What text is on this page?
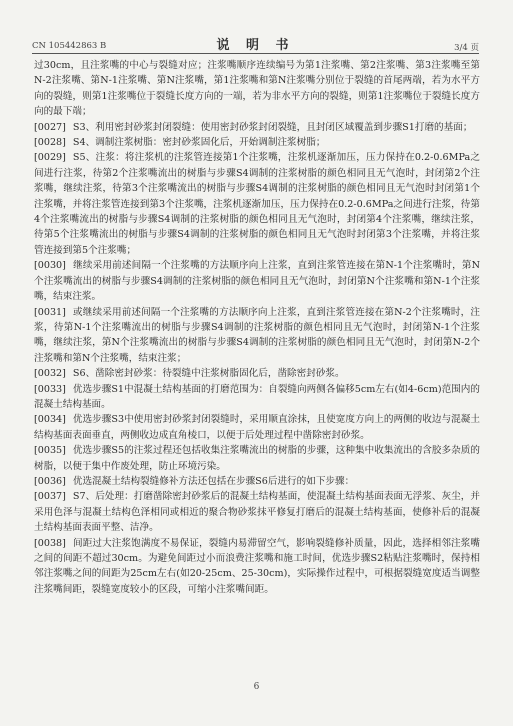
CN 105442863 B	说 明 书	3/4 页

过30cm，且注浆嘴的中心与裂缝对应；注浆嘴顺序连续编号为第1注浆嘴、第2注浆嘴、第3注浆嘴至第N-2注浆嘴、第N-1注浆嘴、第N注浆嘴，第1注浆嘴和第N注浆嘴分别位于裂缝的首尾两端，若为水平方向的裂缝，则第1注浆嘴位于裂缝长度方向的一端，若为非水平方向的裂缝，则第1注浆嘴位于裂缝长度方向的最下端；

[0027] S3、利用密封砂浆封闭裂缝：使用密封砂浆封闭裂缝，且封闭区域覆盖到步骤S1打磨的基面；

[0028] S4、调制注浆树脂：密封砂浆固化后，开始调制注浆树脂；

[0029] S5、注浆：将注浆机的注浆管连接第1个注浆嘴，注浆机逐渐加压，压力保持在0.2-0.6MPa之间进行注浆，待第2个注浆嘴流出的树脂与步骤S4调制的注浆树脂的颜色相同且无气泡时，封闭第2个注浆嘴，继续注浆，待第3个注浆嘴流出的树脂与步骤S4调制的注浆树脂的颜色相同且无气泡时封闭第1个注浆嘴，并将注浆管连接到第3个注浆嘴，注浆机逐渐加压，压力保持在0.2-0.6MPa之间进行注浆，待第4个注浆嘴流出的树脂与步骤S4调制的注浆树脂的颜色相同且无气泡时，封闭第4个注浆嘴，继续注浆，待第5个注浆嘴流出的树脂与步骤S4调制的注浆树脂的颜色相同且无气泡时封闭第3个注浆嘴，并将注浆管连接到第5个注浆嘴；

[0030] 继续采用前述间隔一个注浆嘴的方法顺序向上注浆，直到注浆管连接在第N-1个注浆嘴时，第N个注浆嘴流出的树脂与步骤S4调制的注浆树脂的颜色相同且无气泡时，封闭第N个注浆嘴和第N-1个注浆嘴，结束注浆。

[0031] 或继续采用前述间隔一个注浆嘴的方法顺序向上注浆，直到注浆管连接在第N-2个注浆嘴时，注浆，待第N-1个注浆嘴流出的树脂与步骤S4调制的注浆树脂的颜色相同且无气泡时，封闭第N-1个注浆嘴，继续注浆，第N个注浆嘴流出的树脂与步骤S4调制的注浆树脂的颜色相同且无气泡时，封闭第N-2个注浆嘴和第N个注浆嘴，结束注浆；

[0032] S6、凿除密封砂浆：待裂缝中注浆树脂固化后，凿除密封砂浆。

[0033] 优选步骤S1中混凝土结构基面的打磨范围为：自裂缝向两侧各偏移5cm左右(如4-6cm)范围内的混凝土结构基面。

[0034] 优选步骤S3中使用密封砂浆封闭裂缝时，采用顺直涂抹，且使宽度方向上的两侧的收边与混凝土结构基面表面垂直，两侧收边成直角棱口，以便于后处理过程中凿除密封砂浆。

[0035] 优选步骤S5的注浆过程还包括收集注浆嘴流出的树脂的步骤，这种集中收集流出的含胶多杂质的树脂，以便于集中作废处理，防止环境污染。

[0036] 优选混凝土结构裂缝修补方法还包括在步骤S6后进行的如下步骤：

[0037] S7、后处理：打磨凿除密封砂浆后的混凝土结构基面，使混凝土结构基面表面无浮浆、灰尘，并采用色泽与混凝土结构色泽相同或相近的聚合物砂浆抹平修复打磨后的混凝土结构基面，使修补后的混凝土结构基面表面平整、洁净。

[0038] 间距过大注浆饱满度不易保证，裂缝内易滞留空气，影响裂缝修补质量，因此，选择相邻注浆嘴之间的间距不超过30cm。为避免间距过小而浪费注浆嘴和施工时间，优选步骤S2粘贴注浆嘴时，保持相邻注浆嘴之间的间距为25cm左右(如20-25cm、25-30cm)，实际操作过程中，可根据裂缝宽度适当调整注浆嘴间距，裂缝宽度较小的区段，可缩小注浆嘴间距。

6
